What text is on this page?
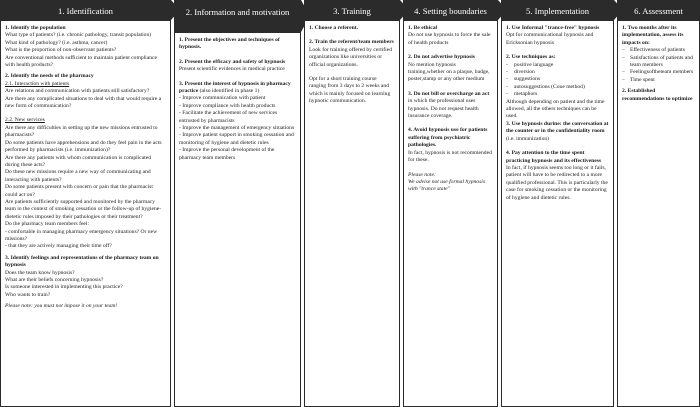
1. Identification

1. Identify the population

What type of patients? (i.e. chronic pathology, transit population)

What kind of pathology? (i.e. asthma, cancer)

What is the proportion of non-observant patients?

Are conventional methods sufficient to maintain patient compliance with health products?

2. Identify the needs of the pharmacy

2.1. Interaction with patients

Are relations and communication with patients still satisfactory?

Are there any complicated situations to deal with that would require a new form of communication?

2.2. New services

Are there any difficulties in setting up the new missions entrusted to pharmacists?

Do some patients have apprehensions and do they feel pain in the acts performed by pharmacists (i.e. immunization)?

Are there any patients with whom communication is complicated during these acts?

Do these new missions require a new way of communicating and interacting with patients?

Do some patients present with concern or pain that the pharmacist could act on?

Are patients sufficiently supported and monitored by the pharmacy team in the context of smoking cessation or the follow-up of hygiene-dietetic rules imposed by their pathologies or their treatment?

Do the pharmacy team members feel:

- comfortable in managing pharmacy emergency situations? Or new missions?

- that they are actively managing their time off?

3. Identify feelings and representations of the pharmacy team on hypnosis

Does the team know hypnosis?

What are their beliefs concerning hypnosis?

Is someone interested in implementing this practice?

Who wants to train?

Please note: you must not impose it on your team!

2. Information and motivation

1. Present the objectives and techniques of hypnosis.

2. Present the efficacy and safety of hypnosis

Present scientific evidences in medical practice

3. Present the interest of hypnosis in pharmacy practice (also identified in phase 1)

- Improve communication with patient

- Improve compliance with health products

- Facilitate the achievement of new services entrusted by pharmacists

- Improve the management of emergency situations

- Improve patient support in smoking cessation and monitoring of hygiene and dietetic rules

- Improve the personal development of the pharmacy team members

3. Training

1. Choose a referent.

2. Train the referent/team members

Look for training offered by certified organizations like universities or official organizations.

Opt for a short training course ranging from 3 days to 2 weeks and which is mainly focused on learning hypnotic communication.

4. Setting boundaries

1. Be ethical

Do not use hypnosis to force the sale of health products

2. Do not advertise hypnosis

No mention hypnosis training,whether on a plaque, badge, poster,stamp or any other medium

3. Do not bill or overcharge an act in which the professional uses hypnosis. Do not request health insurance coverage.

4. Avoid hypnosis use for patients suffering from psychiatric pathologies.

In fact, hypnosis is not recommended for these.

Please note:

We advise not use formal hypnosis with "trance state"

5. Implementation

1. Use Informal "trance-free" hypnosis

Opt for communicational hypnosis and Ericksonian hypnosis

2. Use techniques as:

- positive language
- diversion
- suggestions
- autosuggestions (Coue method)
- metaphors

Although depending on patient and the time allowed, all the others techniques can be used.

3. Use hypnosis durine: the conversation at the counter or in the confidentiality room (i.e. immunization)

4. Pay attention to the time spent practicing hypnosis and its effectiveness

In fact, if hypnosis seems too long or it fails, patient will have to be redirected to a more qualified professional. This is particularly the case for smoking cessation or the monitoring of hygiene and dietetic rules.

6. Assessment

1. Two months after its implementation, assess its impacts on:

– Effectiveness of patients
– Satisfactions of patients and team members
– Feelingsoftheteam members
– Time spent

2. Established recommendations to optimize
